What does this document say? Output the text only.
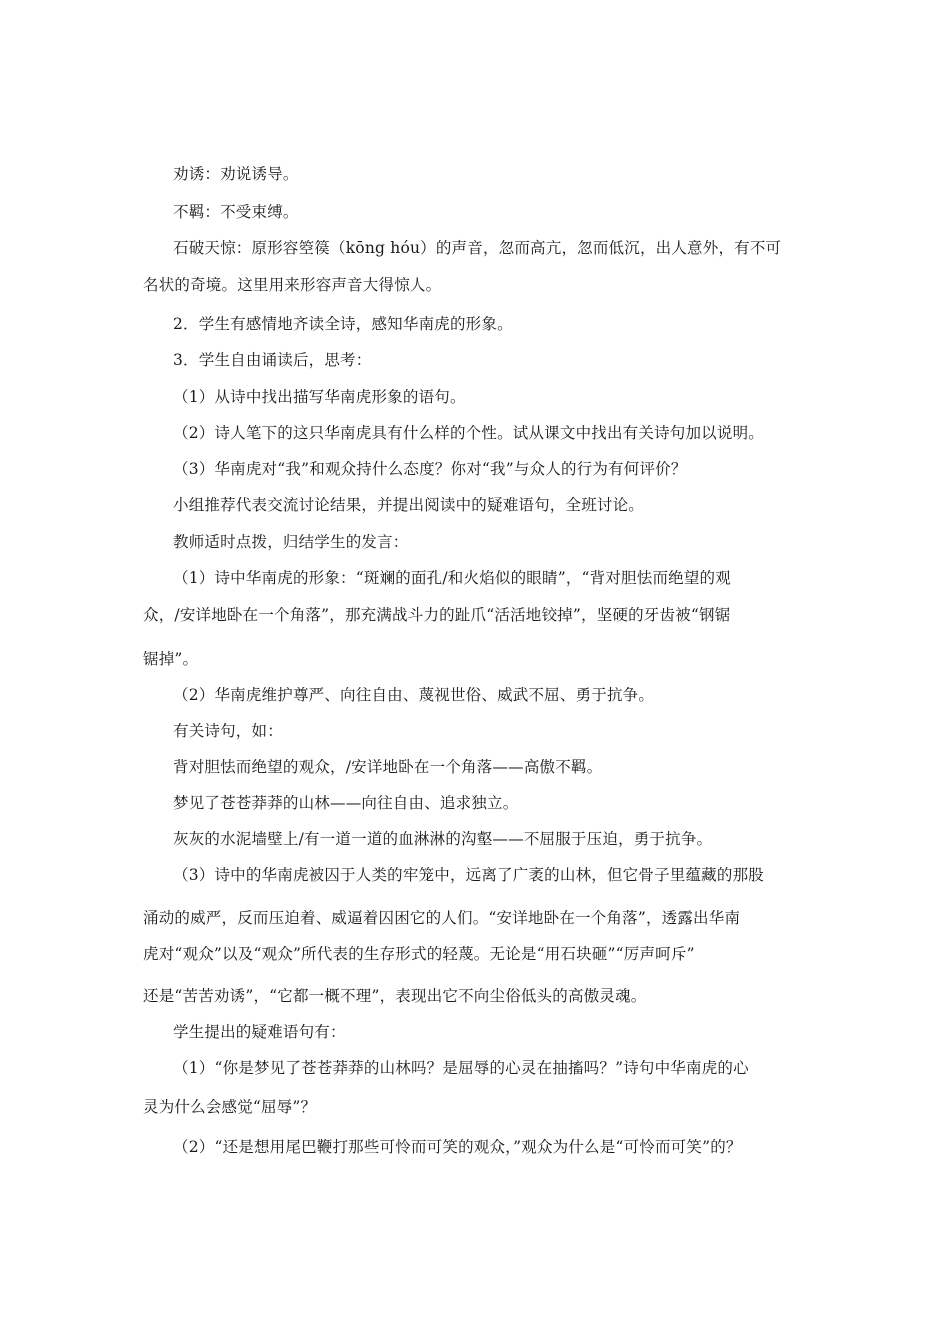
劝诱：劝说诱导。
不羁：不受束缚。
石破天惊：原形容箜篌（kōng hóu）的声音，忽而高亢，忽而低沉，出人意外，有不可
名状的奇境。这里用来形容声音大得惊人。
2．学生有感情地齐读全诗，感知华南虎的形象。
3．学生自由诵读后，思考：
（1）从诗中找出描写华南虎形象的语句。
（2）诗人笔下的这只华南虎具有什么样的个性。试从课文中找出有关诗句加以说明。
（3）华南虎对“我”和观众持什么态度？你对“我”与众人的行为有何评价？
小组推荐代表交流讨论结果，并提出阅读中的疑难语句，全班讨论。
教师适时点拨，归结学生的发言：
（1）诗中华南虎的形象：“斑斓的面孔/和火焰似的眼睛”，“背对胆怯而绝望的观
众，/安详地卧在一个角落”，那充满战斗力的趾爪“活活地铰掉”，坚硬的牙齿被“钢锯
锯掉”。
（2）华南虎维护尊严、向往自由、蔑视世俗、威武不屈、勇于抗争。
有关诗句，如：
背对胆怯而绝望的观众，/安详地卧在一个角落——高傲不羁。
梦见了苍苍莽莽的山林——向往自由、追求独立。
灰灰的水泥墙壁上/有一道一道的血淋淋的沟壑——不屈服于压迫，勇于抗争。
（3）诗中的华南虎被囚于人类的牢笼中，远离了广袤的山林，但它骨子里蕴藏的那股
涌动的威严，反而压迫着、威逼着囚困它的人们。“安详地卧在一个角落”，透露出华南
虎对“观众”以及“观众”所代表的生存形式的轻蔑。无论是“用石块砸”“厉声呵斥”
还是“苦苦劝诱”，“它都一概不理”，表现出它不向尘俗低头的高傲灵魂。
学生提出的疑难语句有：
（1）“你是梦见了苍苍莽莽的山林吗？是屈辱的心灵在抽搐吗？”诗句中华南虎的心
灵为什么会感觉“屈辱”？
（2）“还是想用尾巴鞭打那些可怜而可笑的观众，”观众为什么是“可怜而可笑”的？
